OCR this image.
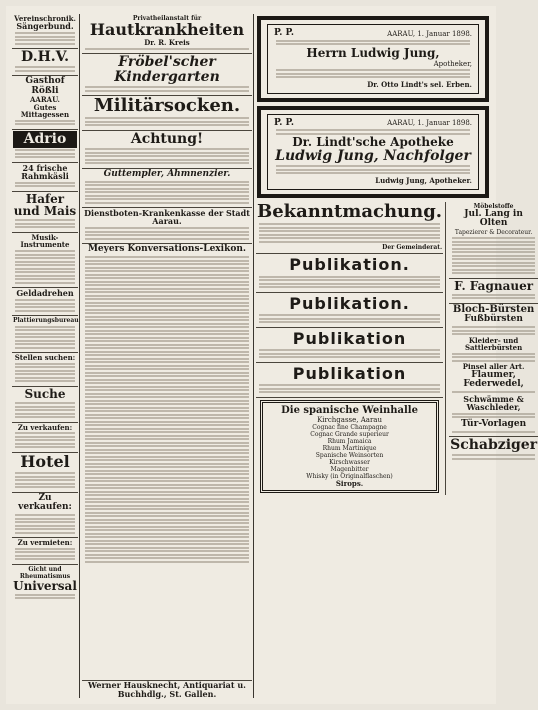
Vereinschronik.
Sängerbund.
D.H.V.
Gasthof Rößli
AARAU.
Gutes Mittagessen
Adrio
24 frische Rahmkäsli
Hafer und Mais
Musik-Instrumente
Geldadrehen
Plattierungsbureau
Stellen suchen:
Suche
Zu verkaufen:
Hotel
Zu verkaufen:
Zu vermieten:
Gicht und Rheumatismus
Universal
Privatheilanstalt für
Hautkrankheiten
Dr. R. Kreis
Fröbel'scher Kindergarten
Militärsocken.
Achtung!
Guttempler, Ahmnenzier.
Dienstboten-Krankenkasse der Stadt Aarau.
Meyers Konversations-Lexikon.
Werner Hausknecht, Antiquariat u. Buchhdlg., St. Gallen.
P. P.	AARAU, 1. Januar 1898.
Herrn Ludwig Jung,
Apotheker,
Dr. Otto Lindt's sel. Erben.
P. P.	AARAU, 1. Januar 1898.
Dr. Lindt'sche Apotheke
Ludwig Jung, Nachfolger
Ludwig Jung, Apotheker.
Bekanntmachung.
Der Gemeinderat.
Publikation.
Publikation.
Publikation
Publikation
Die spanische Weinhalle
Kirchgasse, Aarau
Cognac fine Champagne
Cognac Grande superieur
Rhum Jamaica
Rhum Martinique
Spanische Weinsorten
Kirschwasser
Magenbitter
Whisky (in Originalflaschen)
Sirops.
Möbelstoffe
Jul. Lang in Olten
Tapezierer & Decorateur.
F. Fagnauer
Bloch-Bürsten
Fußbürsten
Kleider- und Sattlerbürsten
Pinsel aller Art.
Flaumer,
Federwedel,
Schwämme & Waschleder,
Tür-Vorlagen
Schabziger
